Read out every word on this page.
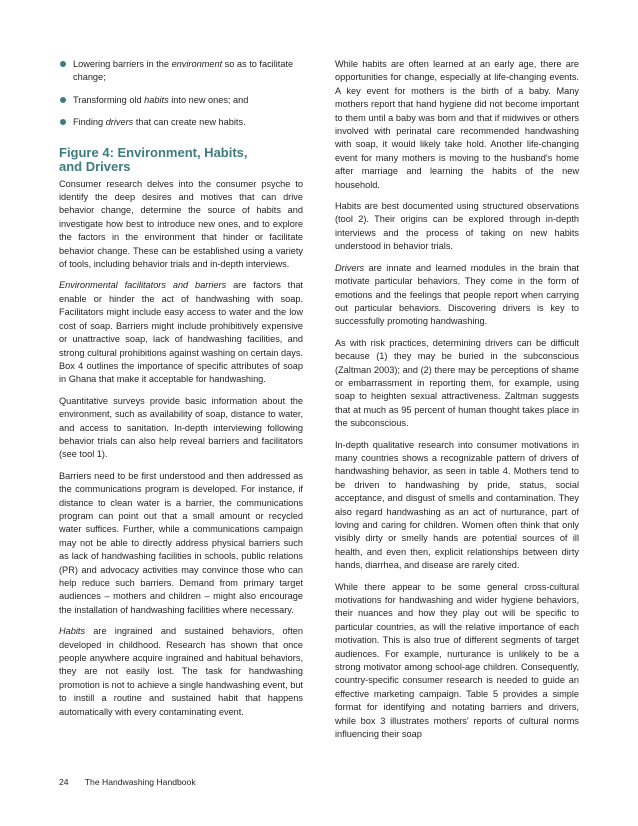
Lowering barriers in the environment so as to facilitate change;
Transforming old habits into new ones; and
Finding drivers that can create new habits.
Figure 4: Environment, Habits,
and Drivers

Consumer research delves into the consumer psyche to identify the deep desires and motives that can drive behavior change, determine the source of habits and investigate how best to introduce new ones, and to explore the factors in the environment that hinder or facilitate behavior change. These can be established using a variety of tools, including behavior trials and in-depth interviews.

Environmental facilitators and barriers are factors that enable or hinder the act of handwashing with soap. Facilitators might include easy access to water and the low cost of soap. Barriers might include prohibitively expensive or unattractive soap, lack of handwashing facilities, and strong cultural prohibitions against washing on certain days. Box 4 outlines the importance of specific attributes of soap in Ghana that make it acceptable for handwashing.

Quantitative surveys provide basic information about the environment, such as availability of soap, distance to water, and access to sanitation. In-depth interviewing following behavior trials can also help reveal barriers and facilitators (see tool 1).

Barriers need to be first understood and then addressed as the communications program is developed. For instance, if distance to clean water is a barrier, the communications program can point out that a small amount or recycled water suffices. Further, while a communications campaign may not be able to directly address physical barriers such as lack of handwashing facilities in schools, public relations (PR) and advocacy activities may convince those who can help reduce such barriers. Demand from primary target audiences – mothers and children – might also encourage the installation of handwashing facilities where necessary.

Habits are ingrained and sustained behaviors, often developed in childhood. Research has shown that once people anywhere acquire ingrained and habitual behaviors, they are not easily lost. The task for handwashing promotion is not to achieve a single handwashing event, but to instill a routine and sustained habit that happens automatically with every contaminating event.

While habits are often learned at an early age, there are opportunities for change, especially at life-changing events. A key event for mothers is the birth of a baby. Many mothers report that hand hygiene did not become important to them until a baby was born and that if midwives or others involved with perinatal care recommended handwashing with soap, it would likely take hold. Another life-changing event for many mothers is moving to the husband's home after marriage and learning the habits of the new household.

Habits are best documented using structured observations (tool 2). Their origins can be explored through in-depth interviews and the process of taking on new habits understood in behavior trials.

Drivers are innate and learned modules in the brain that motivate particular behaviors. They come in the form of emotions and the feelings that people report when carrying out particular behaviors. Discovering drivers is key to successfully promoting handwashing.

As with risk practices, determining drivers can be difficult because (1) they may be buried in the subconscious (Zaltman 2003); and (2) there may be perceptions of shame or embarrassment in reporting them, for example, using soap to heighten sexual attractiveness. Zaltman suggests that at much as 95 percent of human thought takes place in the subconscious.

In-depth qualitative research into consumer motivations in many countries shows a recognizable pattern of drivers of handwashing behavior, as seen in table 4. Mothers tend to be driven to handwashing by pride, status, social acceptance, and disgust of smells and contamination. They also regard handwashing as an act of nurturance, part of loving and caring for children. Women often think that only visibly dirty or smelly hands are potential sources of ill health, and even then, explicit relationships between dirty hands, diarrhea, and disease are rarely cited.

While there appear to be some general cross-cultural motivations for handwashing and wider hygiene behaviors, their nuances and how they play out will be specific to particular countries, as will the relative importance of each motivation. This is also true of different segments of target audiences. For example, nurturance is unlikely to be a strong motivator among school-age children. Consequently, country-specific consumer research is needed to guide an effective marketing campaign. Table 5 provides a simple format for identifying and notating barriers and drivers, while box 3 illustrates mothers' reports of cultural norms influencing their soap

24 The Handwashing Handbook
